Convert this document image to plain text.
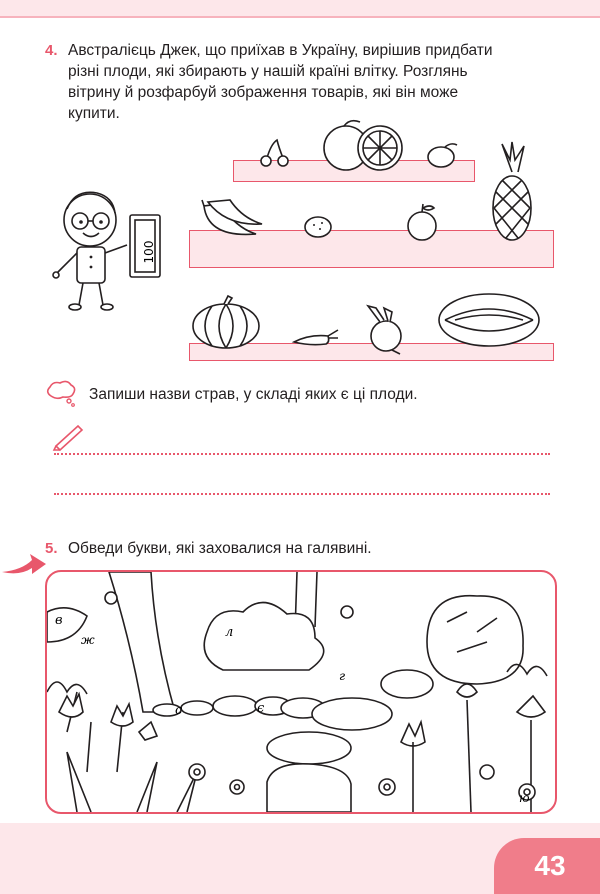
4. Австралієць Джек, що приїхав в Україну, вирішив придбати
різні плоди, які збирають у нашій країні влітку. Розглянь
вітрину й розфарбуй зображення товарів, які він може
купити.
100
Запиши назви страв, у складі яких є ці плоди.
5. Обведи букви, які заховалися на галявині.
в
ж	л
г
с	є
ю
43
